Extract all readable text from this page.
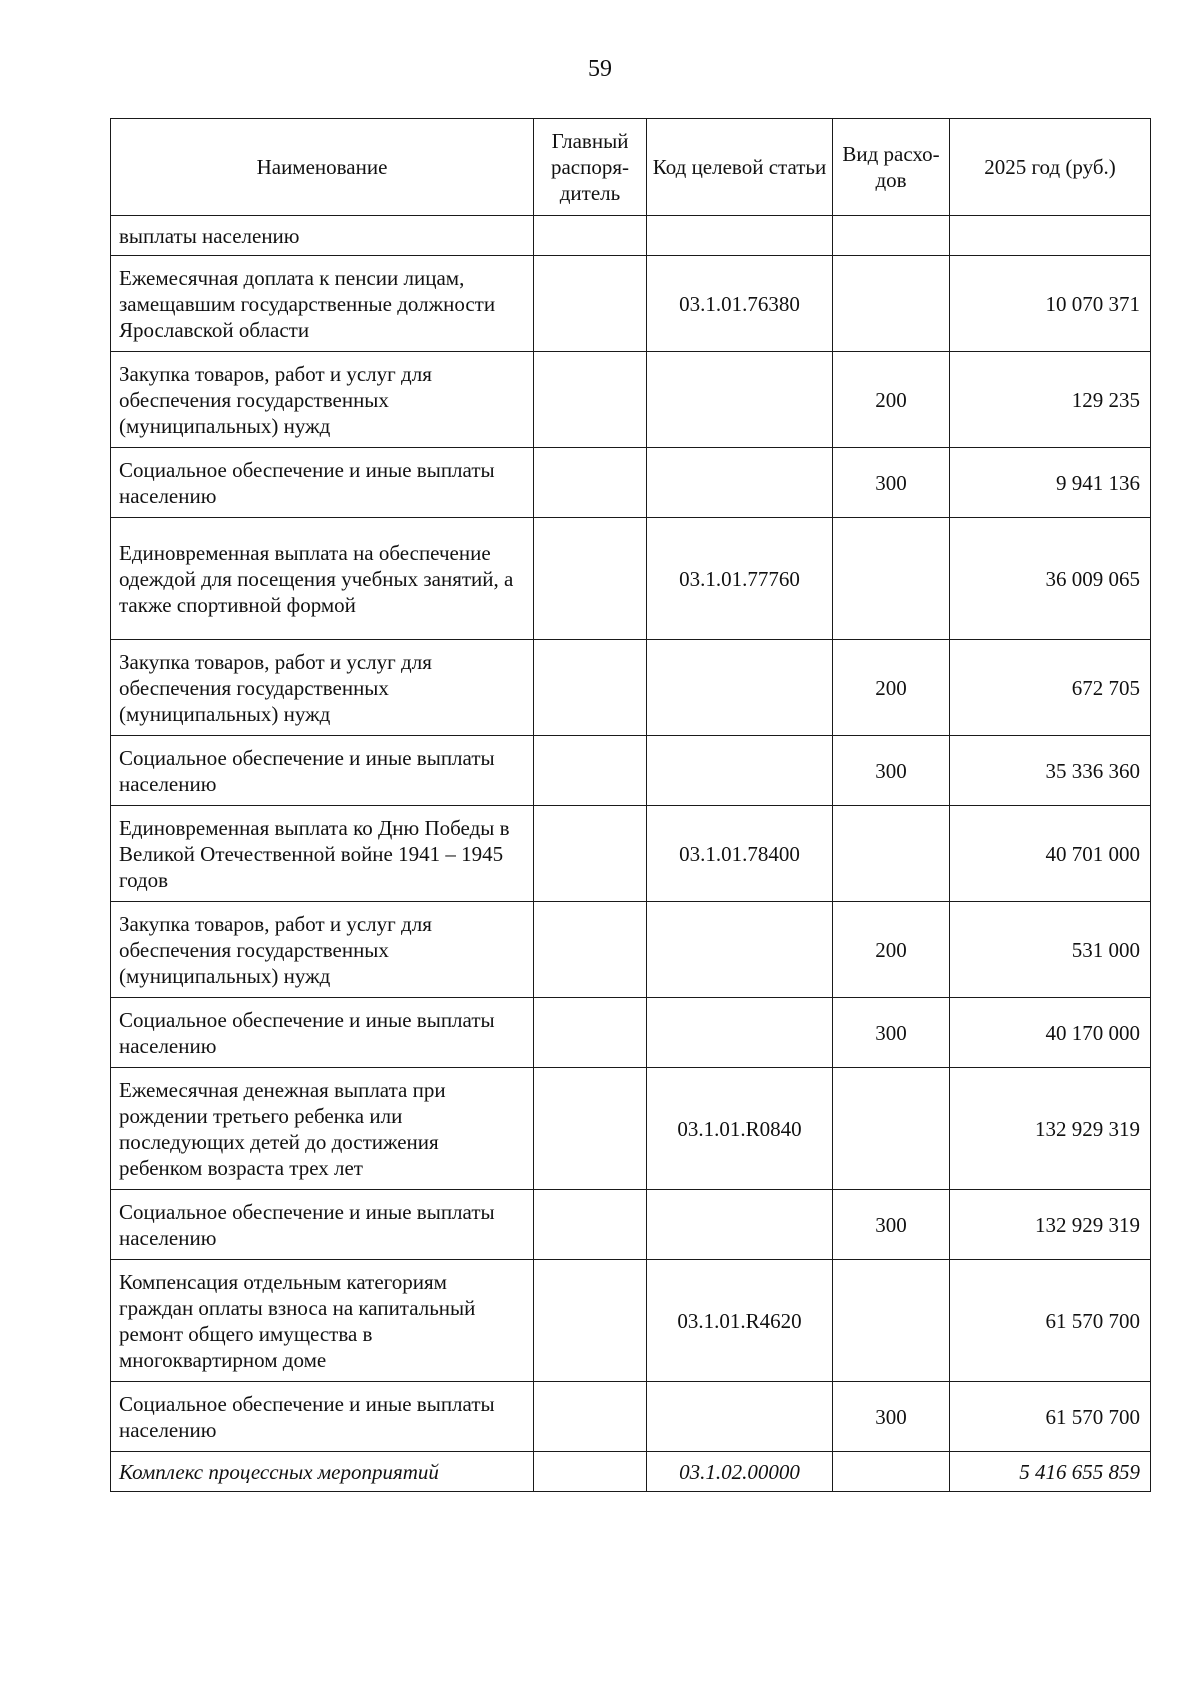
59
Наименование	Главный распоря-дитель	Код целевой статьи	Вид расхо-дов	2025 год (руб.)
выплаты населению				
Ежемесячная доплата к пенсии лицам, замещавшим государственные должности Ярославской области		03.1.01.76380		10 070 371
Закупка товаров, работ и услуг для обеспечения государственных (муниципальных) нужд			200	129 235
Социальное обеспечение и иные выплаты населению			300	9 941 136
Единовременная выплата на обеспечение одеждой для посещения учебных занятий, а также спортивной формой		03.1.01.77760		36 009 065
Закупка товаров, работ и услуг для обеспечения государственных (муниципальных) нужд			200	672 705
Социальное обеспечение и иные выплаты населению			300	35 336 360
Единовременная выплата ко Дню Победы в Великой Отечественной войне 1941 – 1945 годов		03.1.01.78400		40 701 000
Закупка товаров, работ и услуг для обеспечения государственных (муниципальных) нужд			200	531 000
Социальное обеспечение и иные выплаты населению			300	40 170 000
Ежемесячная денежная выплата при рождении третьего ребенка или последующих детей до достижения ребенком возраста трех лет		03.1.01.R0840		132 929 319
Социальное обеспечение и иные выплаты населению			300	132 929 319
Компенсация отдельным категориям граждан оплаты взноса на капитальный ремонт общего имущества в многоквартирном доме		03.1.01.R4620		61 570 700
Социальное обеспечение и иные выплаты населению			300	61 570 700
Комплекс процессных мероприятий		03.1.02.00000		5 416 655 859
